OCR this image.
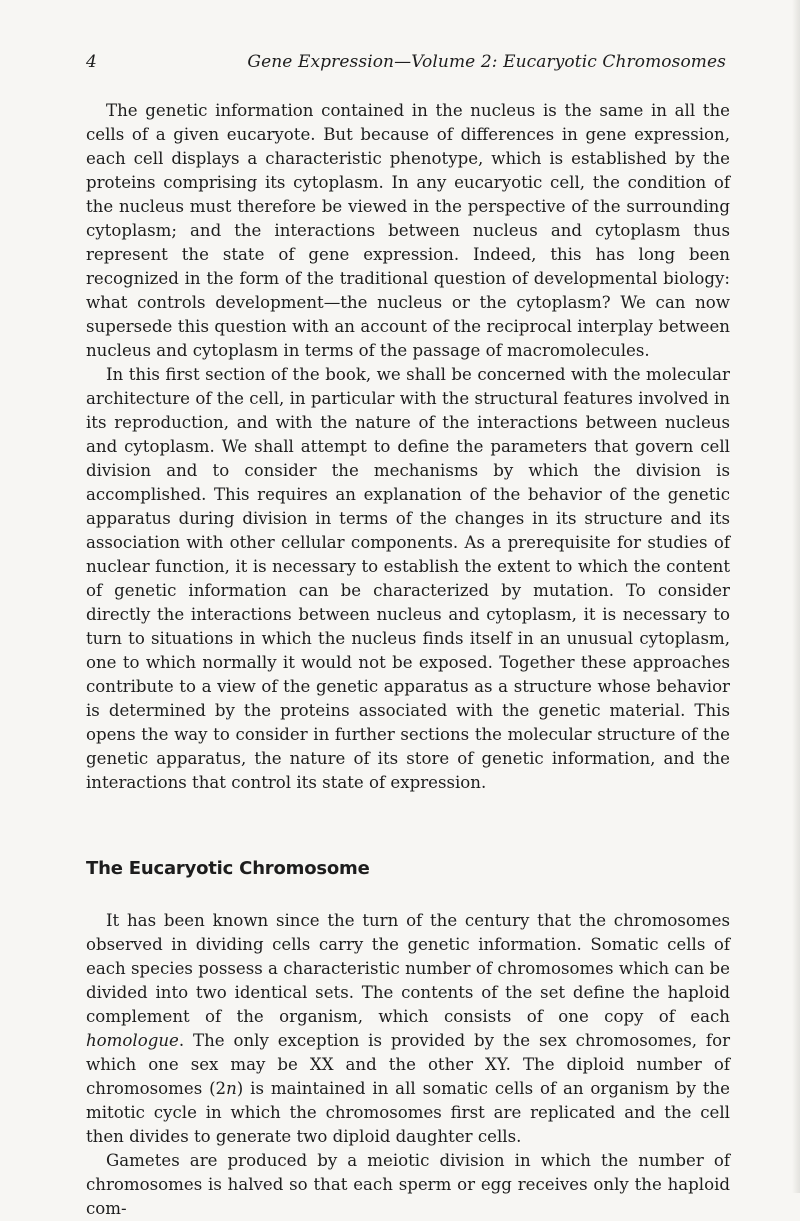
4	Gene Expression—Volume 2: Eucaryotic Chromosomes

The genetic information contained in the nucleus is the same in all the cells of a given eucaryote. But because of differences in gene expression, each cell displays a characteristic phenotype, which is established by the proteins comprising its cytoplasm. In any eucaryotic cell, the condition of the nucleus must therefore be viewed in the perspective of the surrounding cytoplasm; and the interactions between nucleus and cytoplasm thus represent the state of gene expression. Indeed, this has long been recognized in the form of the traditional question of developmental biology: what controls development—the nucleus or the cytoplasm? We can now supersede this question with an account of the reciprocal interplay between nucleus and cytoplasm in terms of the passage of macromolecules.

In this first section of the book, we shall be concerned with the molecular architecture of the cell, in particular with the structural features involved in its reproduction, and with the nature of the interactions between nucleus and cytoplasm. We shall attempt to define the parameters that govern cell division and to consider the mechanisms by which the division is accomplished. This requires an explanation of the behavior of the genetic apparatus during division in terms of the changes in its structure and its association with other cellular components. As a prerequisite for studies of nuclear function, it is necessary to establish the extent to which the content of genetic information can be characterized by mutation. To consider directly the interactions between nucleus and cytoplasm, it is necessary to turn to situations in which the nucleus finds itself in an unusual cytoplasm, one to which normally it would not be exposed. Together these approaches contribute to a view of the genetic apparatus as a structure whose behavior is determined by the proteins associated with the genetic material. This opens the way to consider in further sections the molecular structure of the genetic apparatus, the nature of its store of genetic information, and the interactions that control its state of expression.

The Eucaryotic Chromosome

It has been known since the turn of the century that the chromosomes observed in dividing cells carry the genetic information. Somatic cells of each species possess a characteristic number of chromosomes which can be divided into two identical sets. The contents of the set define the haploid complement of the organism, which consists of one copy of each homologue. The only exception is provided by the sex chromosomes, for which one sex may be XX and the other XY. The diploid number of chromosomes (2n) is maintained in all somatic cells of an organism by the mitotic cycle in which the chromosomes first are replicated and the cell then divides to generate two diploid daughter cells.

Gametes are produced by a meiotic division in which the number of chromosomes is halved so that each sperm or egg receives only the haploid com-
